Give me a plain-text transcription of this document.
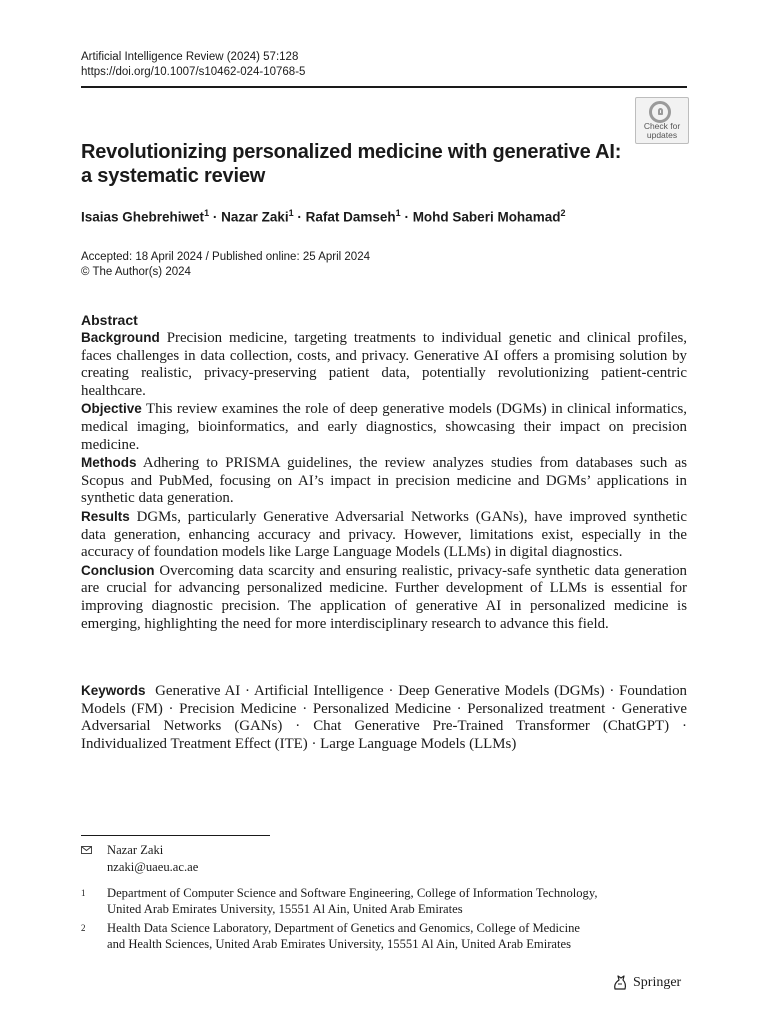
Artificial Intelligence Review (2024) 57:128
https://doi.org/10.1007/s10462-024-10768-5
Check for
updates
Revolutionizing personalized medicine with generative AI:
a systematic review
Isaias Ghebrehiwet$^1$ · Nazar Zaki$^1$ · Rafat Damseh$^1$ · Mohd Saberi Mohamad$^2$
Accepted: 18 April 2024 / Published online: 25 April 2024
© The Author(s) 2024
Abstract
Background Precision medicine, targeting treatments to individual genetic and clinical profiles, faces challenges in data collection, costs, and privacy. Generative AI offers a promising solution by creating realistic, privacy-preserving patient data, potentially revolutionizing patient-centric healthcare.
Objective This review examines the role of deep generative models (DGMs) in clinical informatics, medical imaging, bioinformatics, and early diagnostics, showcasing their impact on precision medicine.
Methods Adhering to PRISMA guidelines, the review analyzes studies from databases such as Scopus and PubMed, focusing on AI’s impact in precision medicine and DGMs’ applications in synthetic data generation.
Results DGMs, particularly Generative Adversarial Networks (GANs), have improved synthetic data generation, enhancing accuracy and privacy. However, limitations exist, especially in the accuracy of foundation models like Large Language Models (LLMs) in digital diagnostics.
Conclusion Overcoming data scarcity and ensuring realistic, privacy-safe synthetic data generation are crucial for advancing personalized medicine. Further development of LLMs is essential for improving diagnostic precision. The application of generative AI in personalized medicine is emerging, highlighting the need for more interdisciplinary research to advance this field.
Keywords Generative AI · Artificial Intelligence · Deep Generative Models (DGMs) · Foundation Models (FM) · Precision Medicine · Personalized Medicine · Personalized treatment · Generative Adversarial Networks (GANs) · Chat Generative Pre-Trained Transformer (ChatGPT) · Individualized Treatment Effect (ITE) · Large Language Models (LLMs)
Nazar Zaki
nzaki@uaeu.ac.ae
1 Department of Computer Science and Software Engineering, College of Information Technology,
United Arab Emirates University, 15551 Al Ain, United Arab Emirates
2 Health Data Science Laboratory, Department of Genetics and Genomics, College of Medicine
and Health Sciences, United Arab Emirates University, 15551 Al Ain, United Arab Emirates
Springer
